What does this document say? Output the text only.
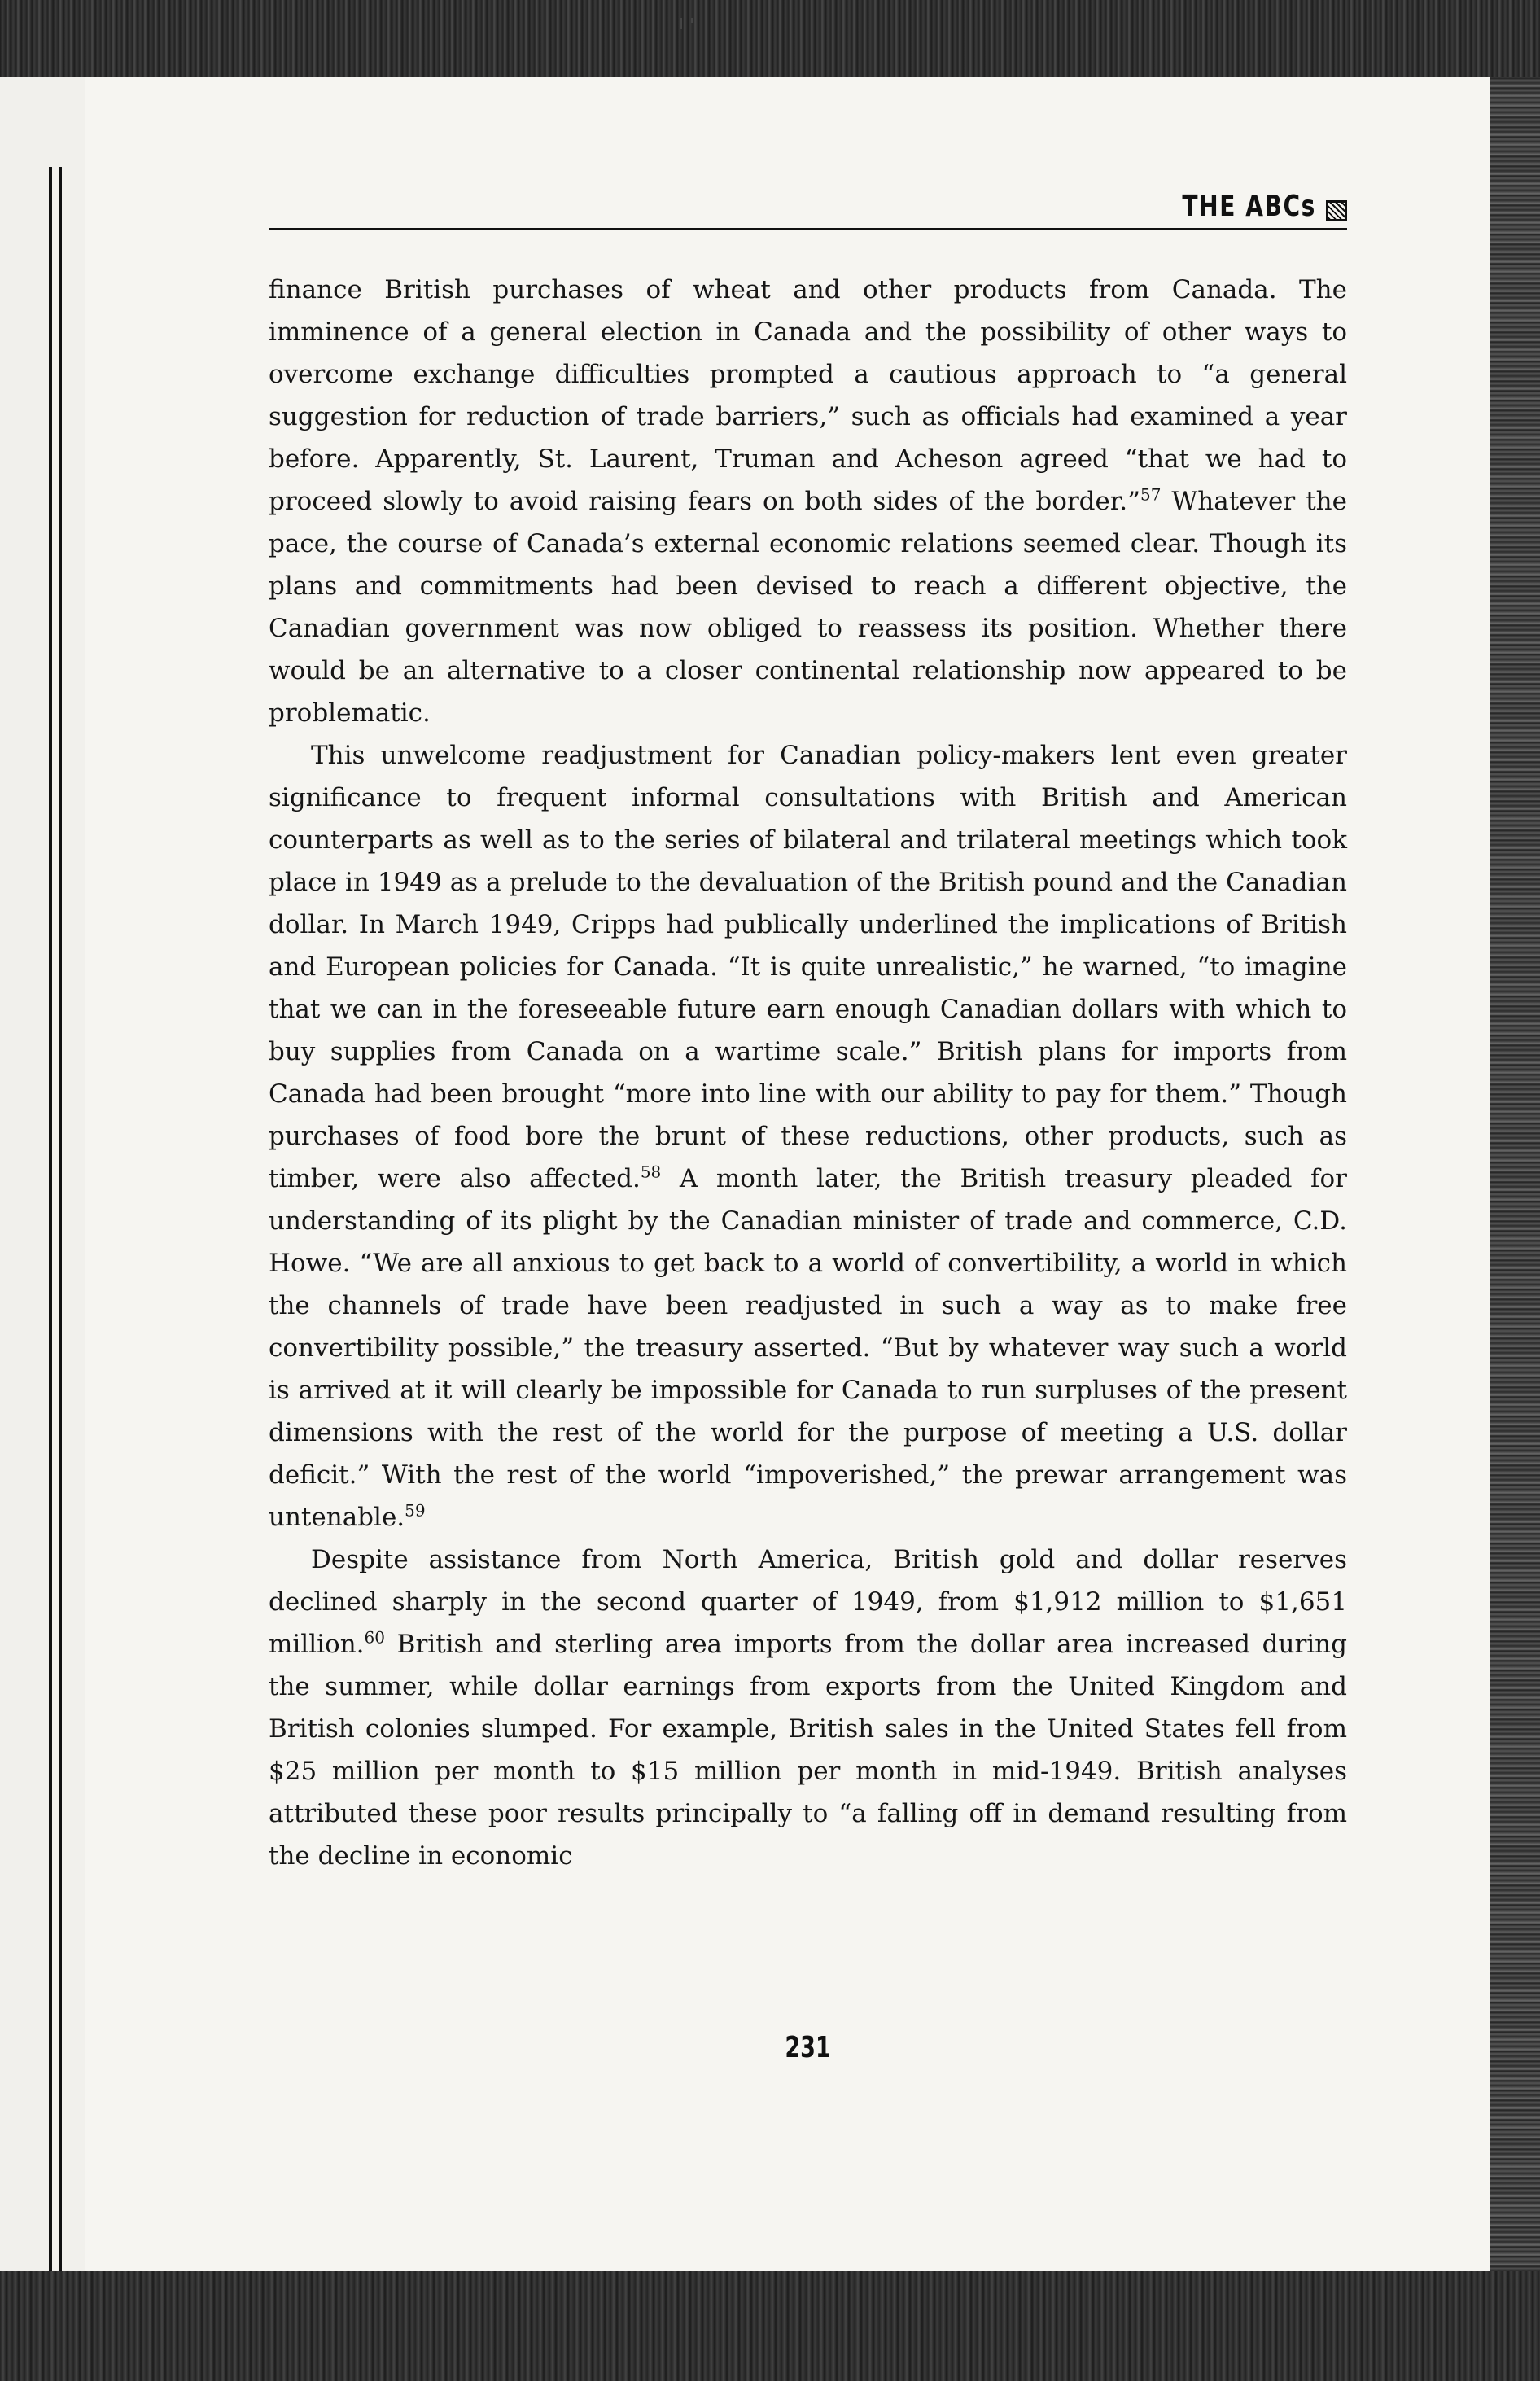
THE ABCs

finance British purchases of wheat and other products from Canada. The imminence of a general election in Canada and the possibility of other ways to overcome exchange difficulties prompted a cautious approach to “a general suggestion for reduction of trade barriers,” such as officials had examined a year before. Apparently, St. Laurent, Truman and Acheson agreed “that we had to proceed slowly to avoid raising fears on both sides of the border.”$^{57}$ Whatever the pace, the course of Canada’s external economic relations seemed clear. Though its plans and commitments had been devised to reach a different objective, the Canadian government was now obliged to reassess its position. Whether there would be an alternative to a closer continental relationship now appeared to be problematic.

This unwelcome readjustment for Canadian policy-makers lent even greater significance to frequent informal consultations with British and American counterparts as well as to the series of bilateral and trilateral meetings which took place in 1949 as a prelude to the devaluation of the British pound and the Canadian dollar. In March 1949, Cripps had publically underlined the implications of British and European policies for Canada. “It is quite unrealistic,” he warned, “to imagine that we can in the foreseeable future earn enough Canadian dollars with which to buy supplies from Canada on a wartime scale.” British plans for imports from Canada had been brought “more into line with our ability to pay for them.” Though purchases of food bore the brunt of these reductions, other products, such as timber, were also affected.$^{58}$ A month later, the British treasury pleaded for understanding of its plight by the Canadian minister of trade and commerce, C.D. Howe. “We are all anxious to get back to a world of convertibility, a world in which the channels of trade have been readjusted in such a way as to make free convertibility possible,” the treasury asserted. “But by whatever way such a world is arrived at it will clearly be impossible for Canada to run surpluses of the present dimensions with the rest of the world for the purpose of meeting a U.S. dollar deficit.” With the rest of the world “impoverished,” the prewar arrangement was untenable.$^{59}$

Despite assistance from North America, British gold and dollar reserves declined sharply in the second quarter of 1949, from $1,912 million to $1,651 million.$^{60}$ British and sterling area imports from the dollar area increased during the summer, while dollar earnings from exports from the United Kingdom and British colonies slumped. For example, British sales in the United States fell from $25 million per month to $15 million per month in mid-1949. British analyses attributed these poor results principally to “a falling off in demand resulting from the decline in economic

231
